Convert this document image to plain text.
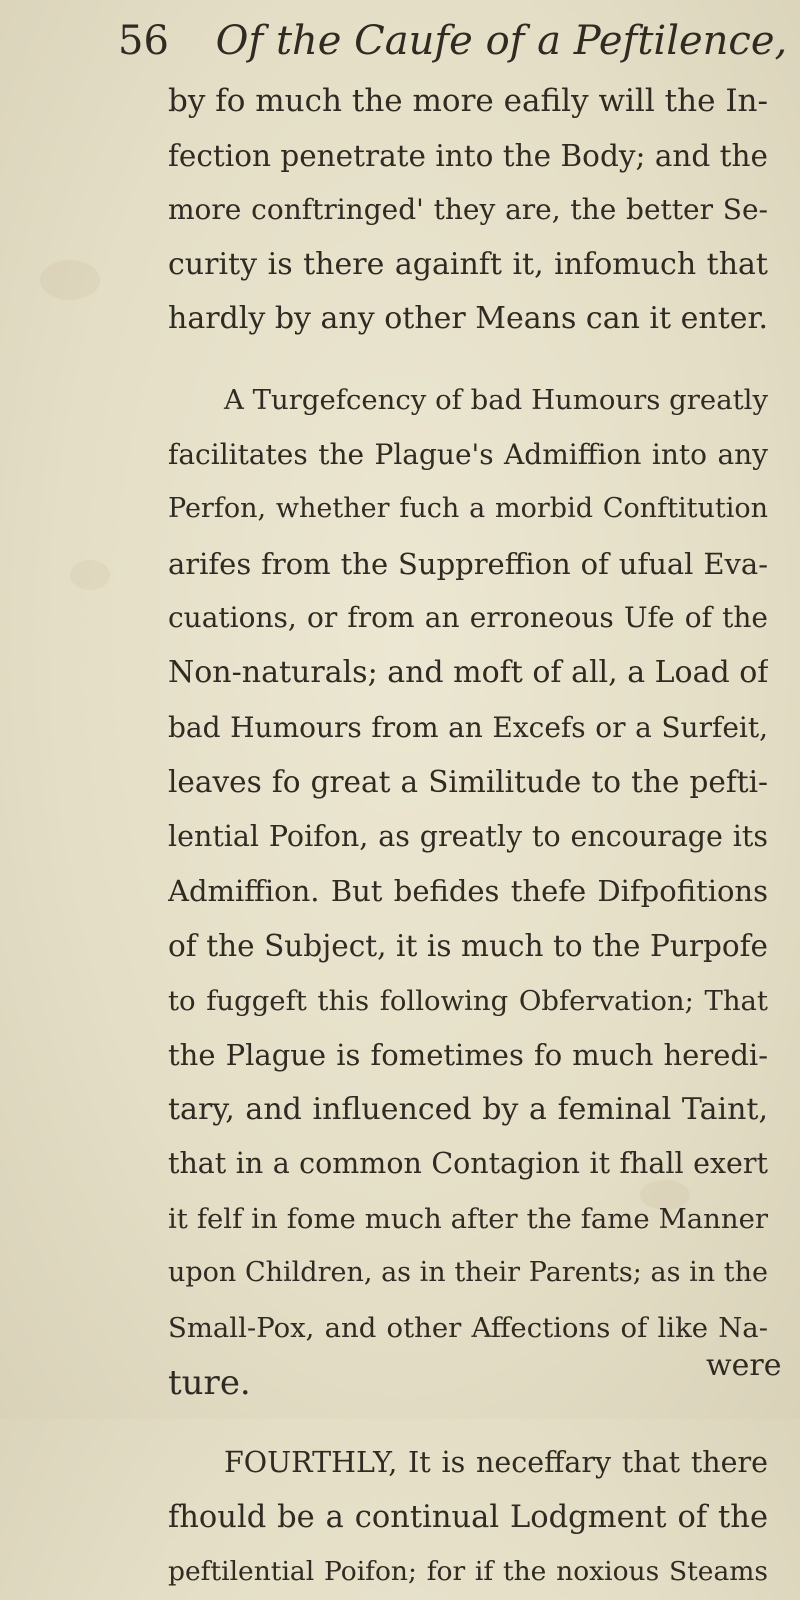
56 Of the Caufe of a Peftilence,
by fo much the more eafily will the In-
fection penetrate into the Body; and the
more conftringed' they are, the better Se-
curity is there againft it, infomuch that
hardly by any other Means can it enter.
A Turgefcency of bad Humours greatly
facilitates the Plague's Admiffion into any
Perfon, whether fuch a morbid Conftitution
arifes from the Suppreffion of ufual Eva-
cuations, or from an erroneous Ufe of the
Non-naturals; and moft of all, a Load of
bad Humours from an Excefs or a Surfeit,
leaves fo great a Similitude to the pefti-
lential Poifon, as greatly to encourage its
Admiffion. But befides thefe Difpofitions
of the Subject, it is much to the Purpofe
to fuggeft this following Obfervation; That
the Plague is fometimes fo much heredi-
tary, and influenced by a feminal Taint,
that in a common Contagion it fhall exert
it felf in fome much after the fame Manner
upon Children, as in their Parents; as in the
Small-Pox, and other Affections of like Na-
ture.
FOURTHLY, It is neceffary that there
fhould be a continual Lodgment of the
peftilential Poifon; for if the noxious Steams
were
